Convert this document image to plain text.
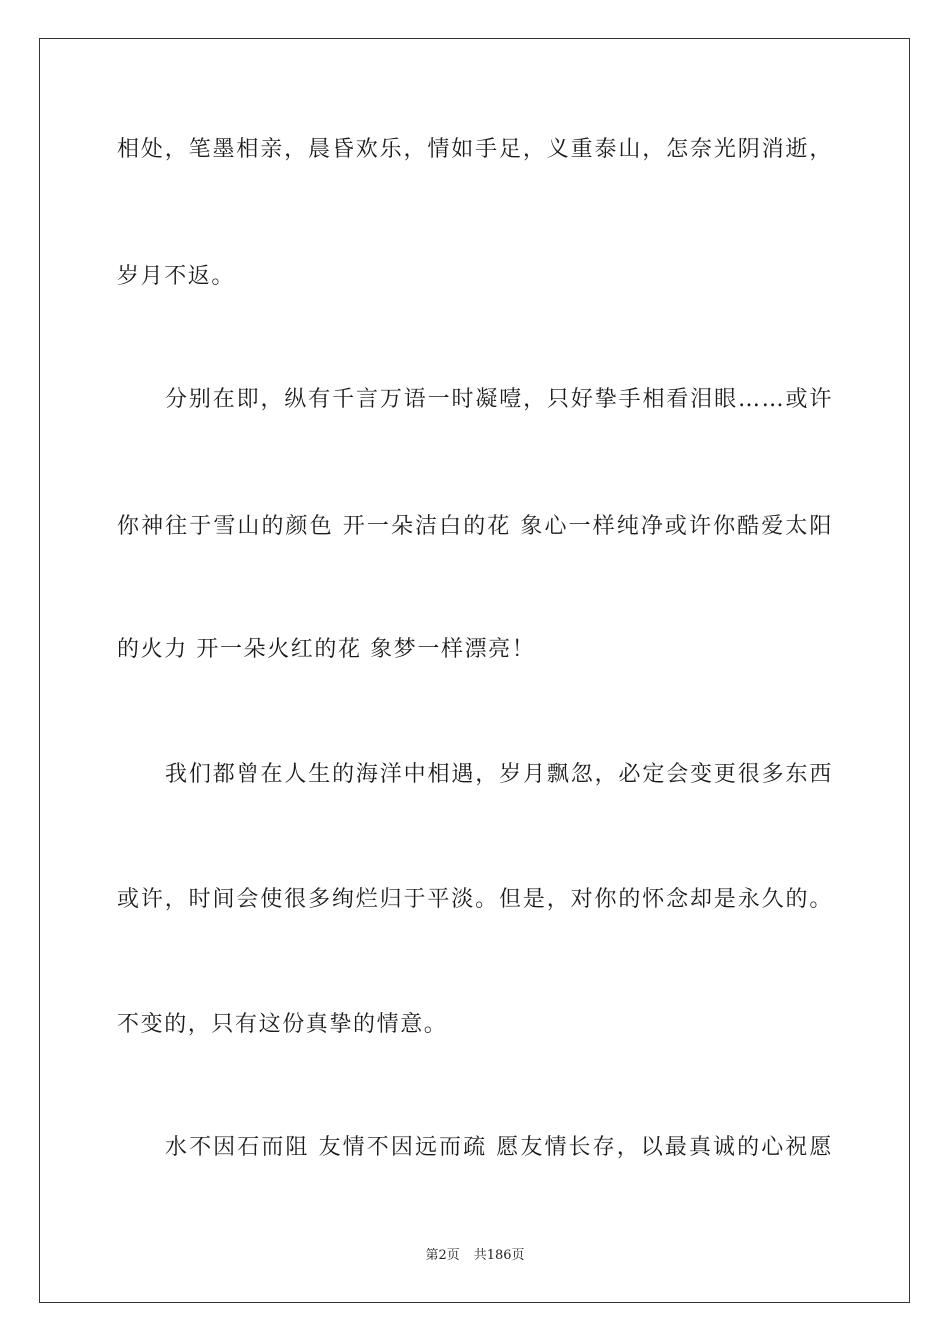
相处，笔墨相亲，晨昏欢乐，情如手足，义重泰山，怎奈光阴消逝，
岁月不返。
分别在即，纵有千言万语一时凝噎，只好挚手相看泪眼……或许
你神往于雪山的颜色 开一朵洁白的花 象心一样纯净或许你酷爱太阳
的火力 开一朵火红的花 象梦一样漂亮！
我们都曾在人生的海洋中相遇，岁月飘忽，必定会变更很多东西
或许，时间会使很多绚烂归于平淡。但是，对你的怀念却是永久的。
不变的，只有这份真挚的情意。
水不因石而阻 友情不因远而疏 愿友情长存，以最真诚的心祝愿
第2页 共186页
